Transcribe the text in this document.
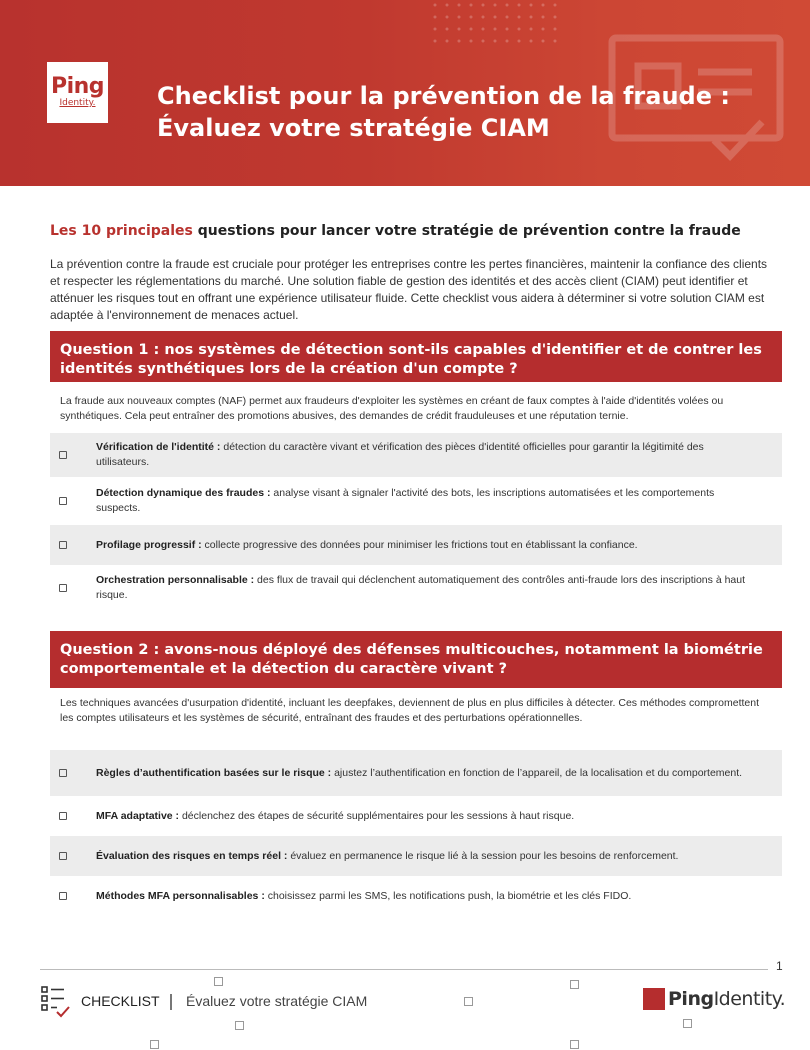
Ping
Identity.	Checklist pour la prévention de la fraude :
Évaluez votre stratégie CIAM
Les 10 principales questions pour lancer votre stratégie de prévention contre la fraude
La prévention contre la fraude est cruciale pour protéger les entreprises contre les pertes financières, maintenir la confiance des clients et respecter les réglementations du marché. Une solution fiable de gestion des identités et des accès client (CIAM) peut identifier et atténuer les risques tout en offrant une expérience utilisateur fluide. Cette checklist vous aidera à déterminer si votre solution CIAM est adaptée à l'environnement de menaces actuel.
Question 1 : nos systèmes de détection sont-ils capables d'identifier et de contrer les identités synthétiques lors de la création d'un compte ?
La fraude aux nouveaux comptes (NAF) permet aux fraudeurs d'exploiter les systèmes en créant de faux comptes à l'aide d'identités volées ou synthétiques. Cela peut entraîner des promotions abusives, des demandes de crédit frauduleuses et une réputation ternie.
Vérification de l'identité : détection du caractère vivant et vérification des pièces d'identité officielles pour garantir la légitimité des utilisateurs.
Détection dynamique des fraudes : analyse visant à signaler l'activité des bots, les inscriptions automatisées et les comportements suspects.
Profilage progressif : collecte progressive des données pour minimiser les frictions tout en établissant la confiance.
Orchestration personnalisable : des flux de travail qui déclenchent automatiquement des contrôles anti-fraude lors des inscriptions à haut risque.
Question 2 : avons-nous déployé des défenses multicouches, notamment la biométrie comportementale et la détection du caractère vivant ?
Les techniques avancées d'usurpation d'identité, incluant les deepfakes, deviennent de plus en plus difficiles à détecter. Ces méthodes compromettent les comptes utilisateurs et les systèmes de sécurité, entraînant des fraudes et des perturbations opérationnelles.
Règles d’authentification basées sur le risque : ajustez l’authentification en fonction de l’appareil, de la localisation et du comportement.
MFA adaptative : déclenchez des étapes de sécurité supplémentaires pour les sessions à haut risque.
Évaluation des risques en temps réel : évaluez en permanence le risque lié à la session pour les besoins de renforcement.
Méthodes MFA personnalisables : choisissez parmi les SMS, les notifications push, la biométrie et les clés FIDO.
1
CHECKLIST Évaluez votre stratégie CIAM	PingIdentity.
